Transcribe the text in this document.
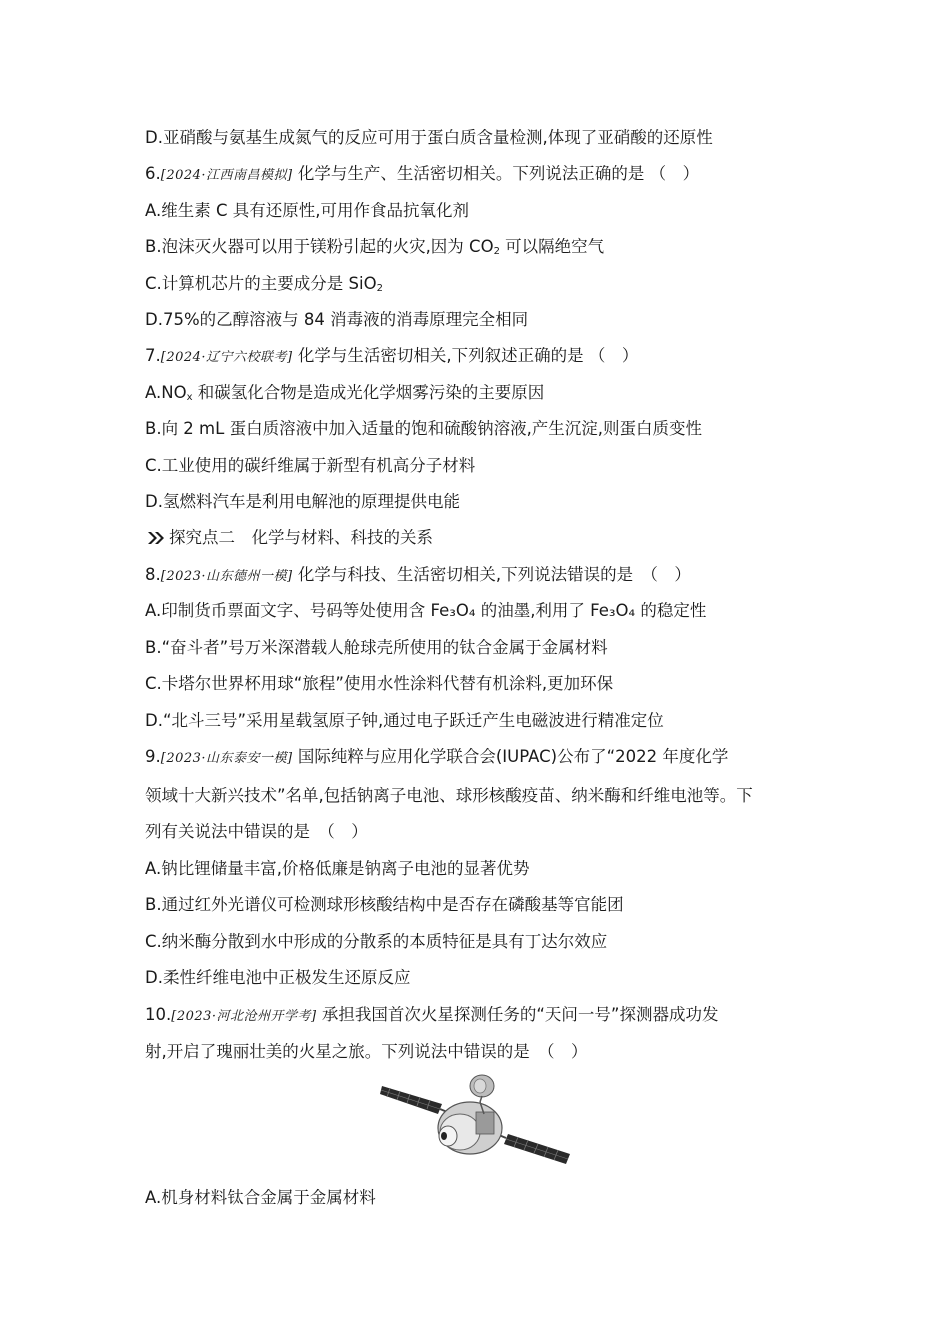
D.亚硝酸与氨基生成氮气的反应可用于蛋白质含量检测,体现了亚硝酸的还原性
6.[2024·江西南昌模拟] 化学与生产、生活密切相关。下列说法正确的是 （　）
A.维生素 C 具有还原性,可用作食品抗氧化剂
B.泡沫灭火器可以用于镁粉引起的火灾,因为 $CO_2$ 可以隔绝空气
C.计算机芯片的主要成分是 SiO$_2$
D.75%的乙醇溶液与 84 消毒液的消毒原理完全相同
7.[2024·辽宁六校联考] 化学与生活密切相关,下列叙述正确的是 （　）
$A.NO_x$ 和碳氢化合物是造成光化学烟雾污染的主要原因
B.向 2 mL 蛋白质溶液中加入适量的饱和硫酸钠溶液,产生沉淀,则蛋白质变性
C.工业使用的碳纤维属于新型有机高分子材料
D.氢燃料汽车是利用电解池的原理提供电能
探究点二　化学与材料、科技的关系
8.[2023·山东德州一模] 化学与科技、生活密切相关,下列说法错误的是　（　）
A.印制货币票面文字、号码等处使用含 Fe₃O₄ 的油墨,利用了 Fe₃O₄ 的稳定性
B.“奋斗者”号万米深潜载人舱球壳所使用的钛合金属于金属材料
C.卡塔尔世界杯用球“旅程”使用水性涂料代替有机涂料,更加环保
D.“北斗三号”采用星载氢原子钟,通过电子跃迁产生电磁波进行精准定位
9.[2023·山东泰安一模] 国际纯粹与应用化学联合会(IUPAC)公布了“2022 年度化学
领域十大新兴技术”名单,包括钠离子电池、球形核酸疫苗、纳米酶和纤维电池等。下
列有关说法中错误的是　（　）
A.钠比锂储量丰富,价格低廉是钠离子电池的显著优势
B.通过红外光谱仪可检测球形核酸结构中是否存在磷酸基等官能团
C.纳米酶分散到水中形成的分散系的本质特征是具有丁达尔效应
D.柔性纤维电池中正极发生还原反应
10.[2023·河北沧州开学考] 承担我国首次火星探测任务的“天问一号”探测器成功发
射,开启了瑰丽壮美的火星之旅。下列说法中错误的是　（　）
A.机身材料钛合金属于金属材料
